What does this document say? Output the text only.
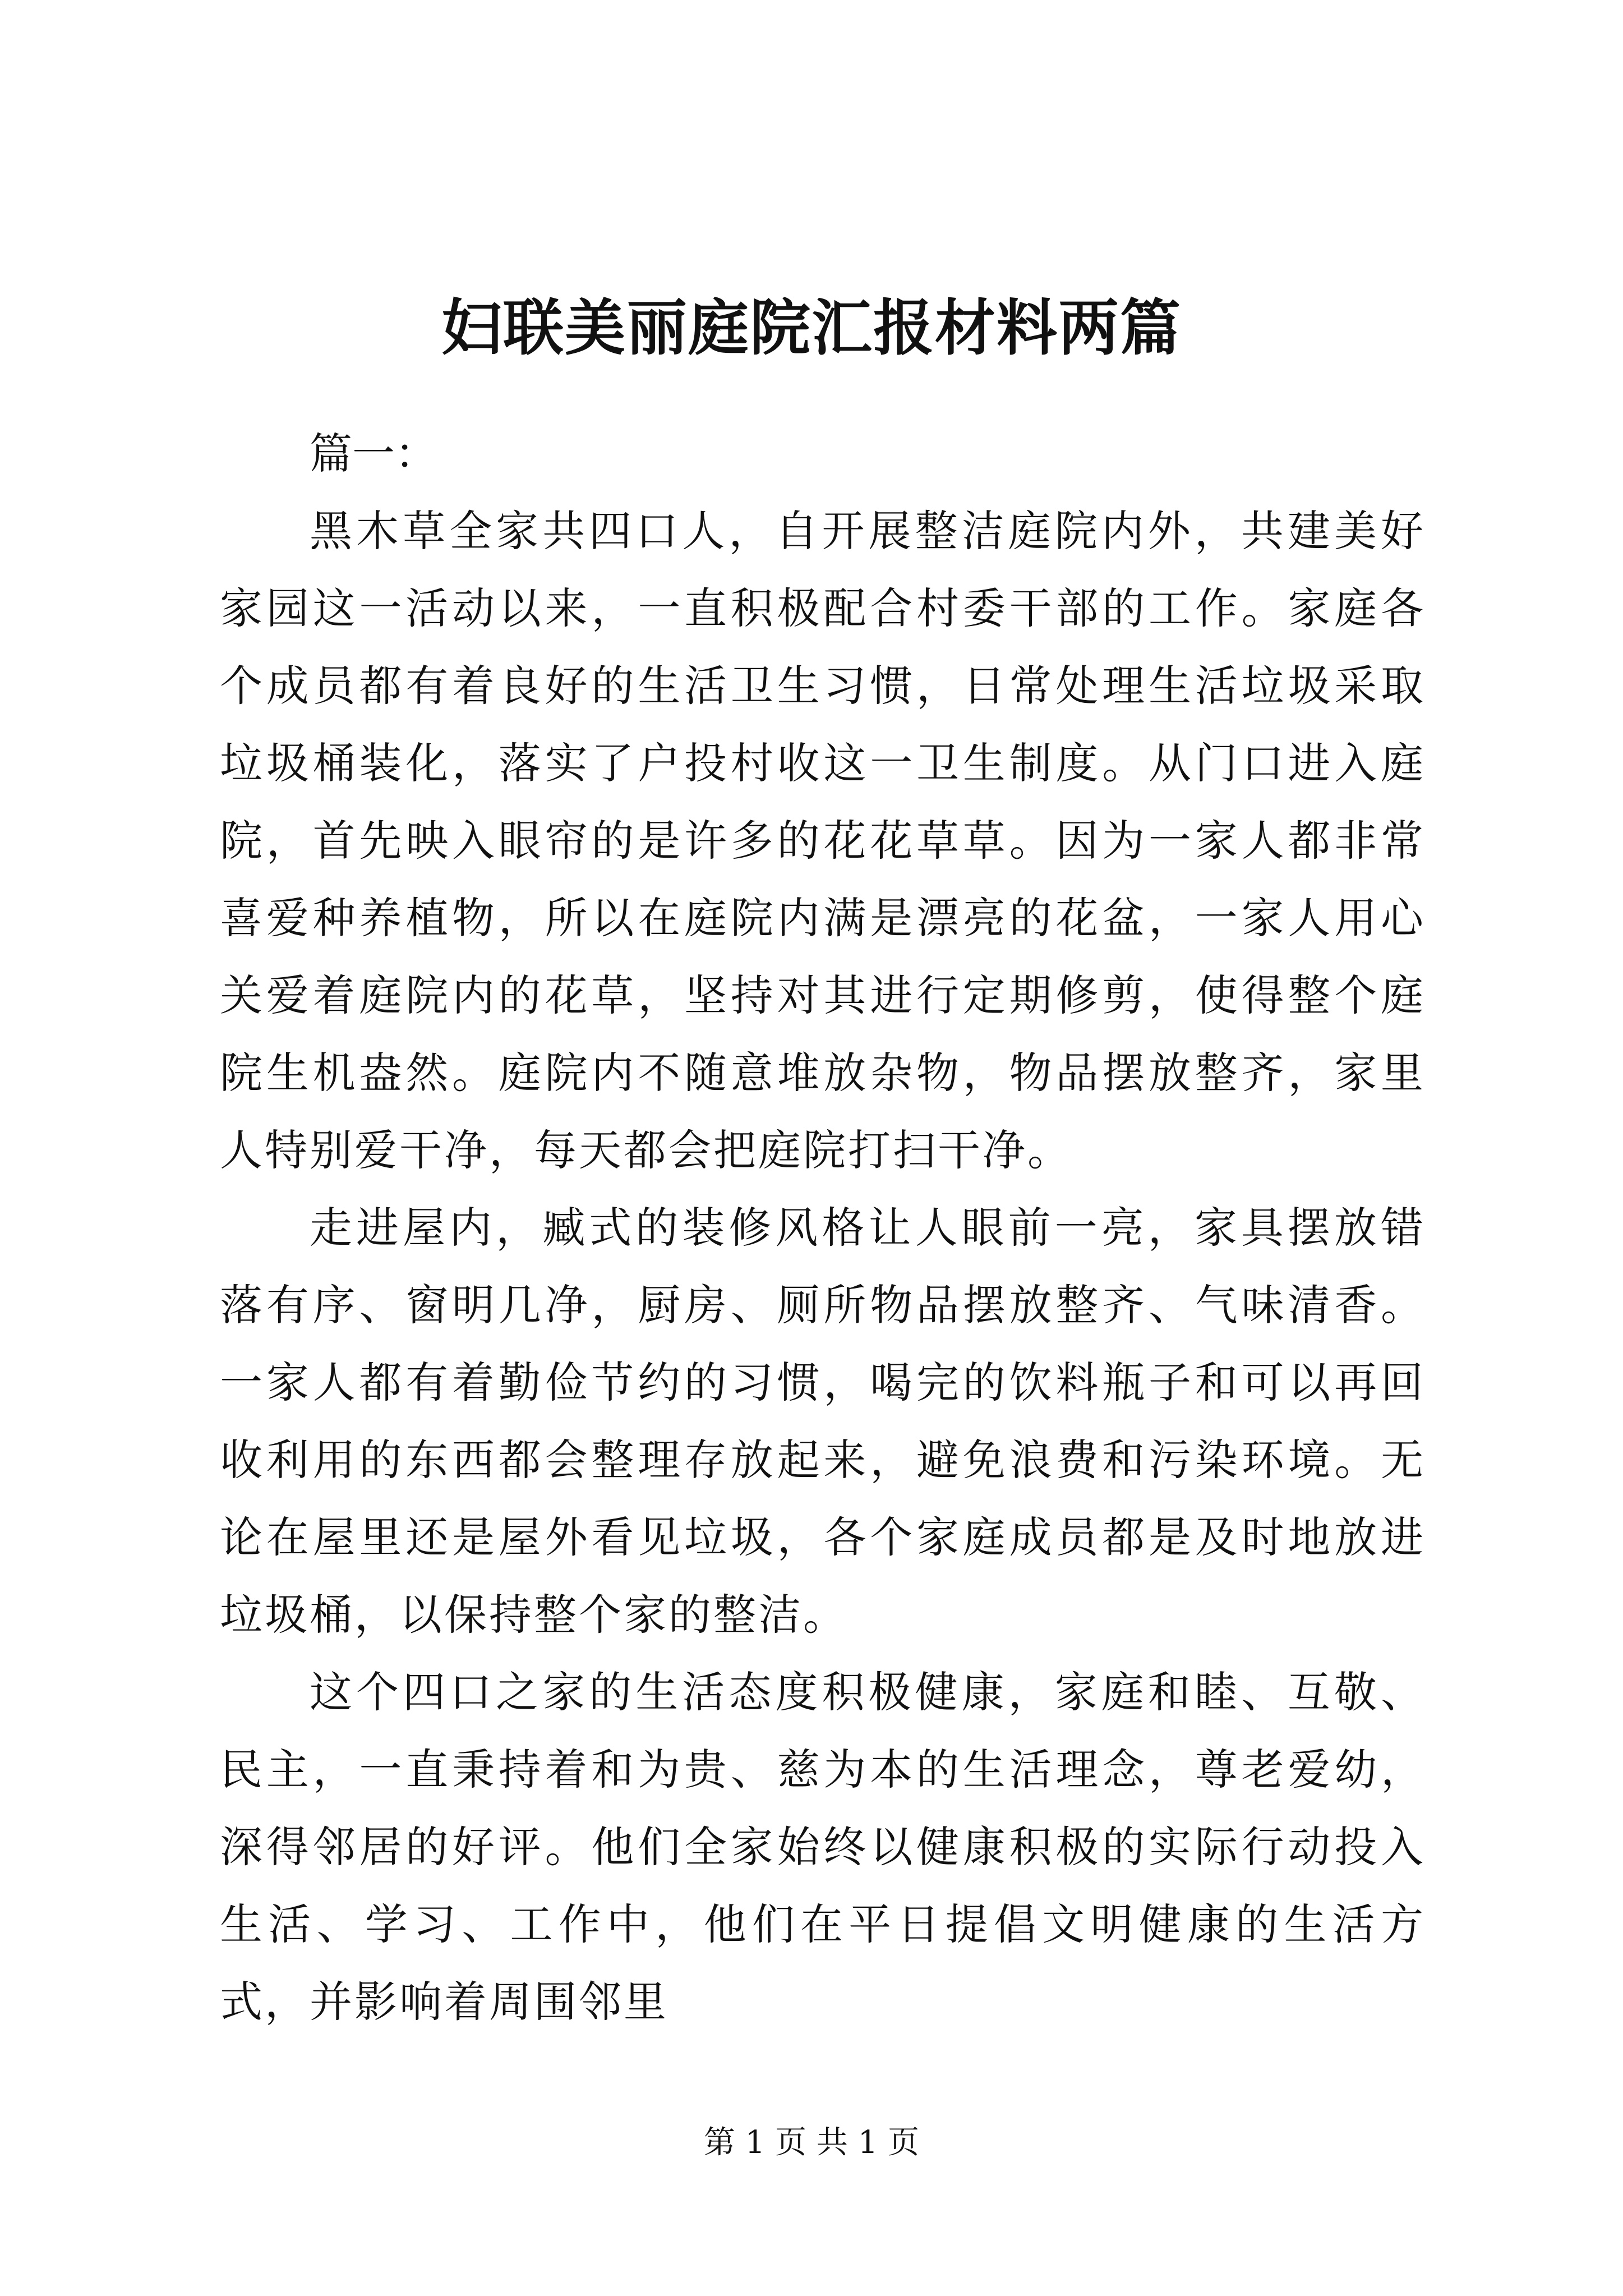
妇联美丽庭院汇报材料两篇

篇一：

黑木草全家共四口人，自开展整洁庭院内外，共建美好家园这一活动以来，一直积极配合村委干部的工作。家庭各个成员都有着良好的生活卫生习惯，日常处理生活垃圾采取垃圾桶装化，落实了户投村收这一卫生制度。从门口进入庭院，首先映入眼帘的是许多的花花草草。因为一家人都非常喜爱种养植物，所以在庭院内满是漂亮的花盆，一家人用心关爱着庭院内的花草，坚持对其进行定期修剪，使得整个庭院生机盎然。庭院内不随意堆放杂物，物品摆放整齐，家里人特别爱干净，每天都会把庭院打扫干净。

走进屋内，臧式的装修风格让人眼前一亮，家具摆放错落有序、窗明几净，厨房、厕所物品摆放整齐、气味清香。一家人都有着勤俭节约的习惯，喝完的饮料瓶子和可以再回收利用的东西都会整理存放起来，避免浪费和污染环境。无论在屋里还是屋外看见垃圾，各个家庭成员都是及时地放进垃圾桶，以保持整个家的整洁。

这个四口之家的生活态度积极健康，家庭和睦、互敬、民主，一直秉持着和为贵、慈为本的生活理念，尊老爱幼，深得邻居的好评。他们全家始终以健康积极的实际行动投入生活、学习、工作中，他们在平日提倡文明健康的生活方式，并影响着周围邻里

第 1 页 共 1 页
